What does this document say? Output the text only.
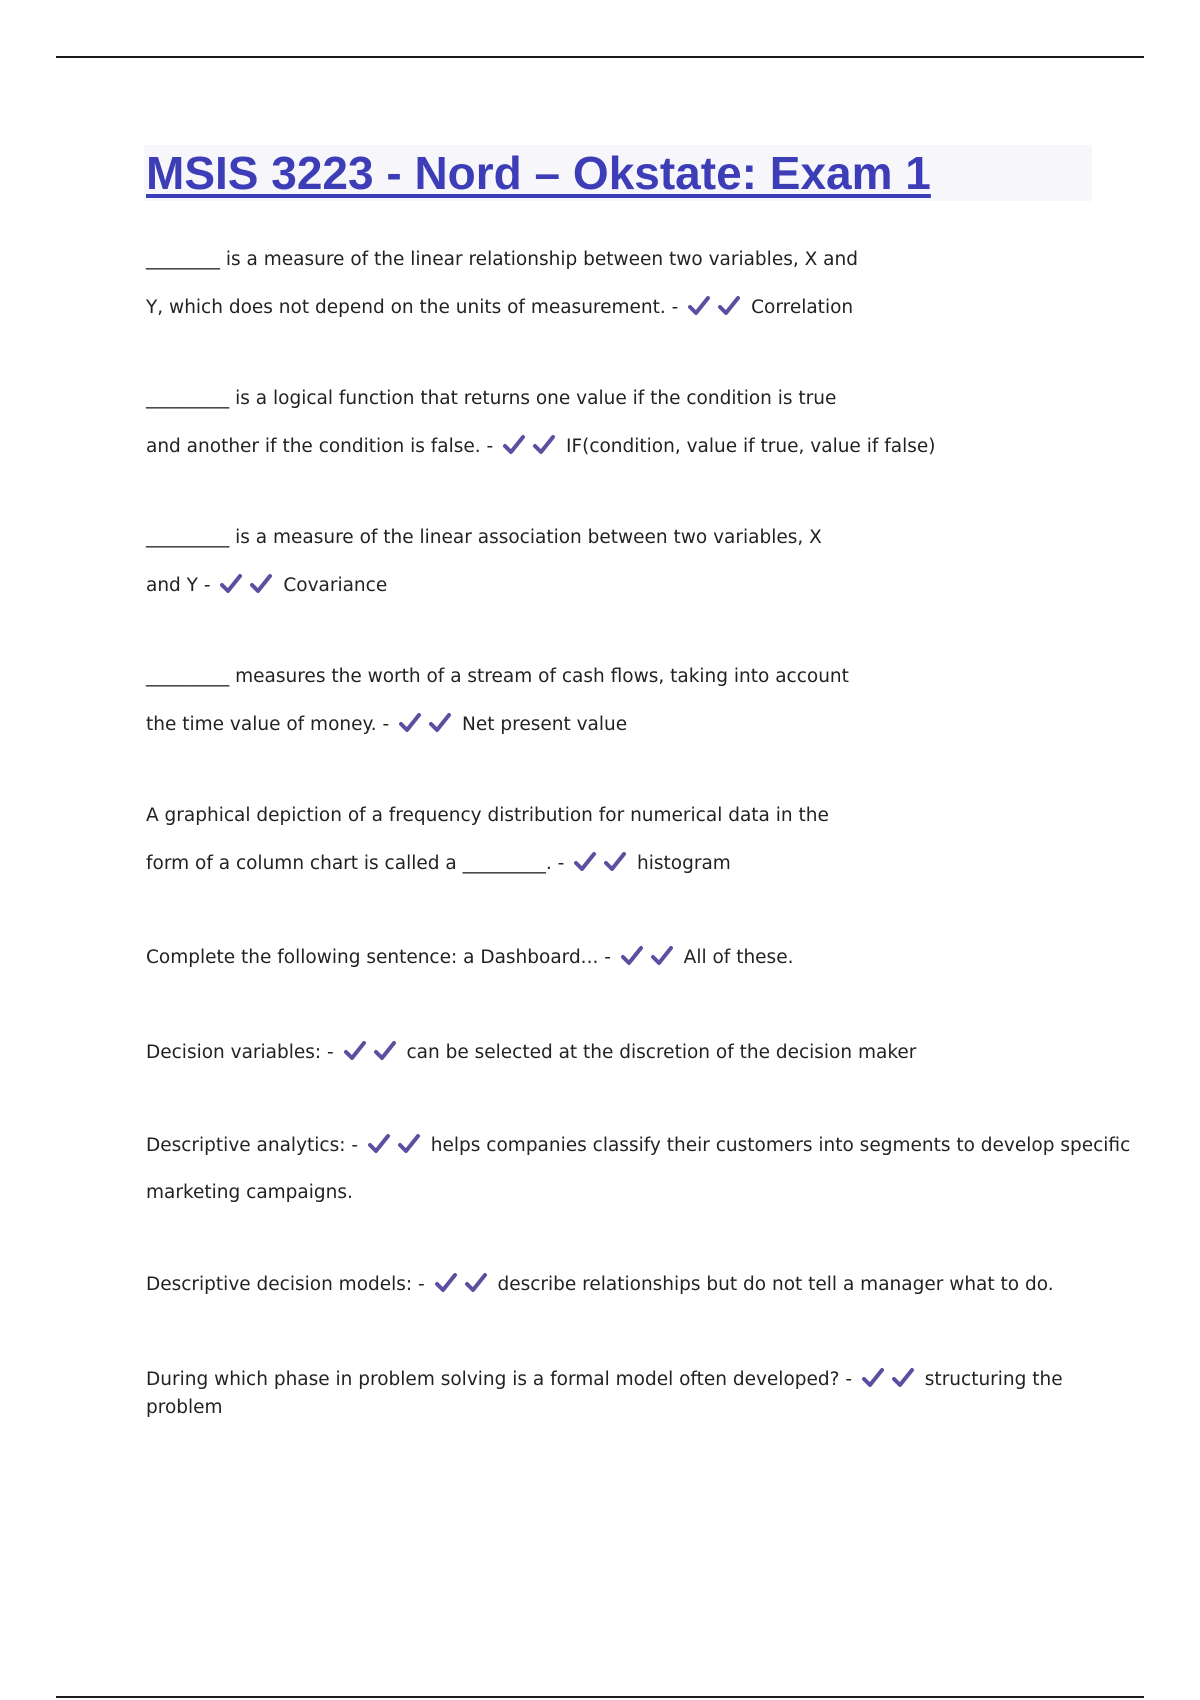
MSIS 3223 - Nord – Okstate: Exam 1
________ is a measure of the linear relationship between two variables, X and
Y, which does not depend on the units of measurement. -	Correlation
_________ is a logical function that returns one value if the condition is true
and another if the condition is false. -	IF(condition, value if true, value if false)
_________ is a measure of the linear association between two variables, X
and Y -	Covariance
_________ measures the worth of a stream of cash flows, taking into account
the time value of money. -	Net present value
A graphical depiction of a frequency distribution for numerical data in the
form of a column chart is called a _________. -	histogram
Complete the following sentence: a Dashboard... -	All of these.
Decision variables: -	can be selected at the discretion of the decision maker
Descriptive analytics: -	helps companies classify their customers into segments to develop specific
marketing campaigns.
Descriptive decision models: -	describe relationships but do not tell a manager what to do.
During which phase in problem solving is a formal model often developed? -	structuring the
problem
